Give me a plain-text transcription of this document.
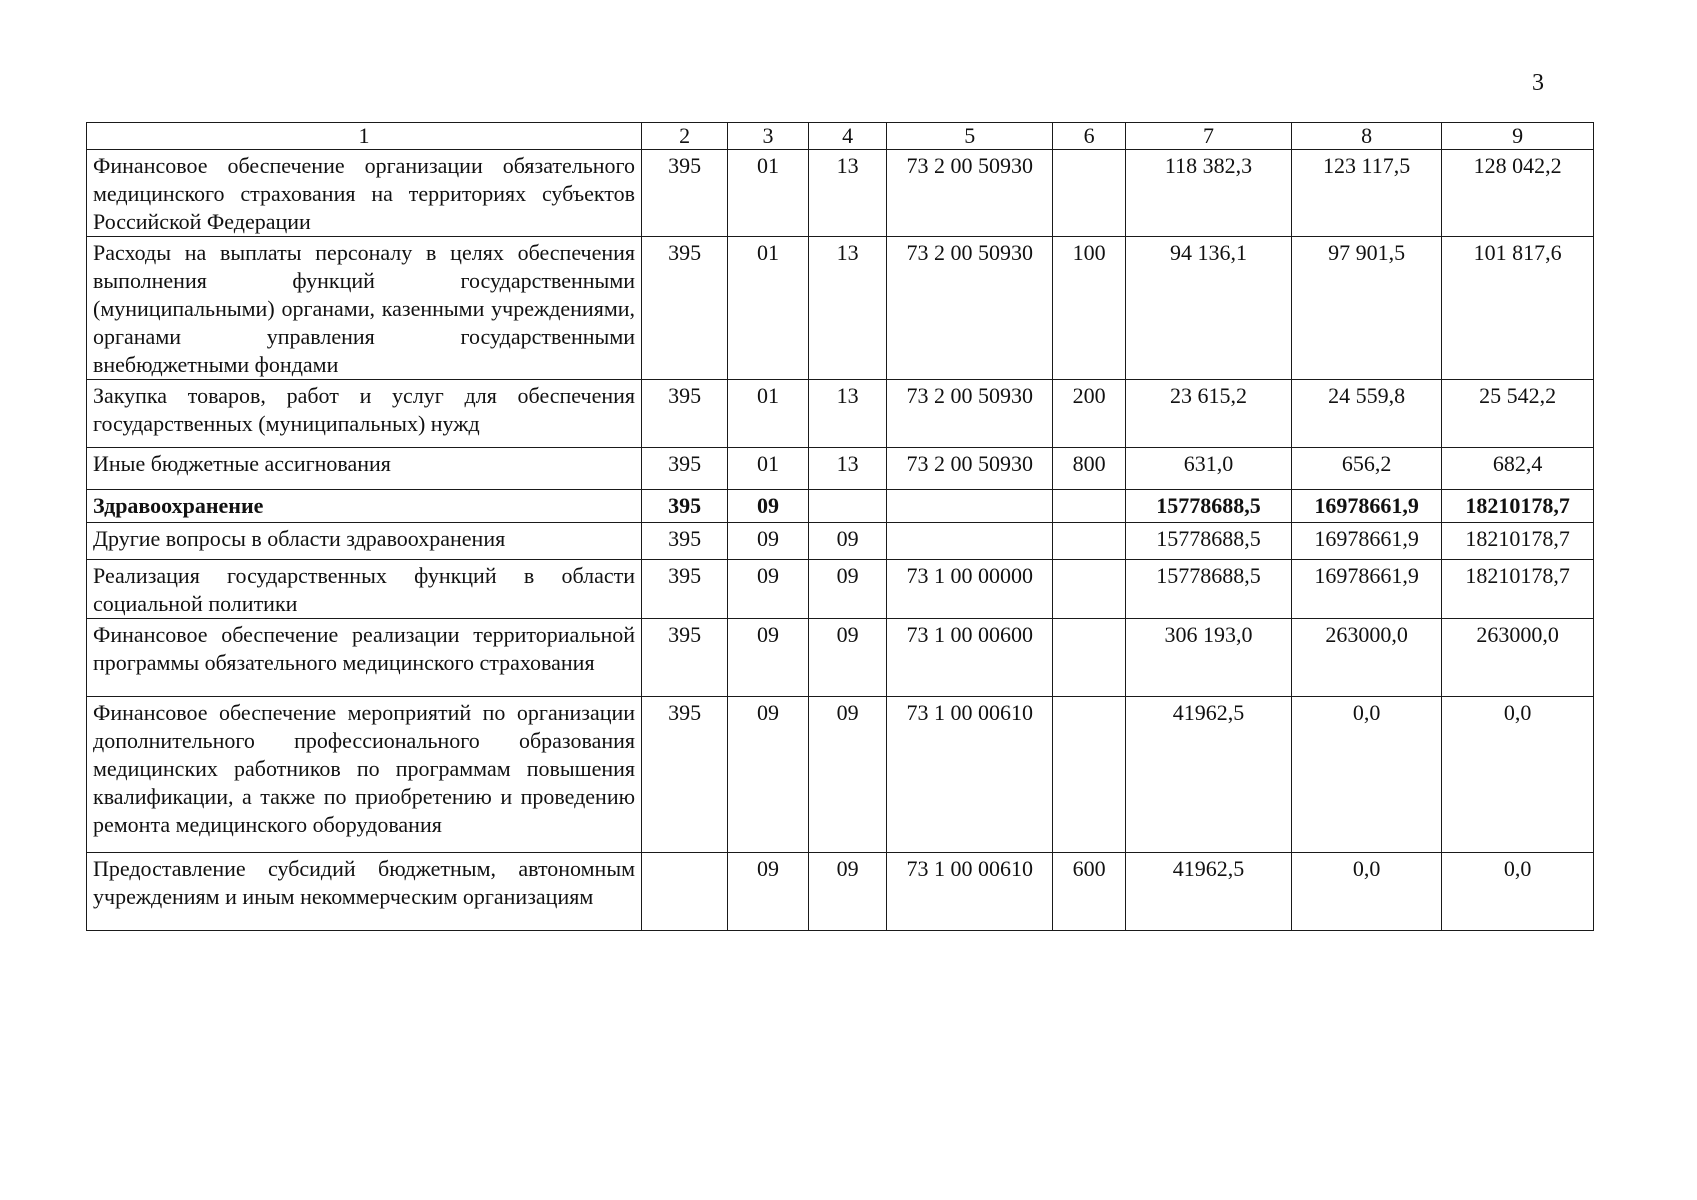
3
1	2	3	4	5	6	7	8	9
Финансовое обеспечение организации обязательного медицинского страхования на территориях субъектов Российской Федерации	395	01	13	73 2 00 50930		118 382,3	123 117,5	128 042,2
Расходы на выплаты персоналу в целях обеспечения выполнения функций государственными (муниципальными) органами, казенными учреждениями, органами управления государственными внебюджетными фондами	395	01	13	73 2 00 50930	100	94 136,1	97 901,5	101 817,6
Закупка товаров, работ и услуг для обеспечения государственных (муниципальных) нужд	395	01	13	73 2 00 50930	200	23 615,2	24 559,8	25 542,2
Иные бюджетные ассигнования	395	01	13	73 2 00 50930	800	631,0	656,2	682,4
Здравоохранение	395	09				15778688,5	16978661,9	18210178,7
Другие вопросы в области здравоохранения	395	09	09			15778688,5	16978661,9	18210178,7
Реализация государственных функций в области социальной политики	395	09	09	73 1 00 00000		15778688,5	16978661,9	18210178,7
Финансовое обеспечение реализации территориальной программы обязательного медицинского страхования	395	09	09	73 1 00 00600		306 193,0	263000,0	263000,0
Финансовое обеспечение мероприятий по организации дополнительного профессионального образования медицинских работников по программам повышения квалификации, а также по приобретению и проведению ремонта медицинского оборудования	395	09	09	73 1 00 00610		41962,5	0,0	0,0
Предоставление субсидий бюджетным, автономным учреждениям и иным некоммерческим организациям		09	09	73 1 00 00610	600	41962,5	0,0	0,0
